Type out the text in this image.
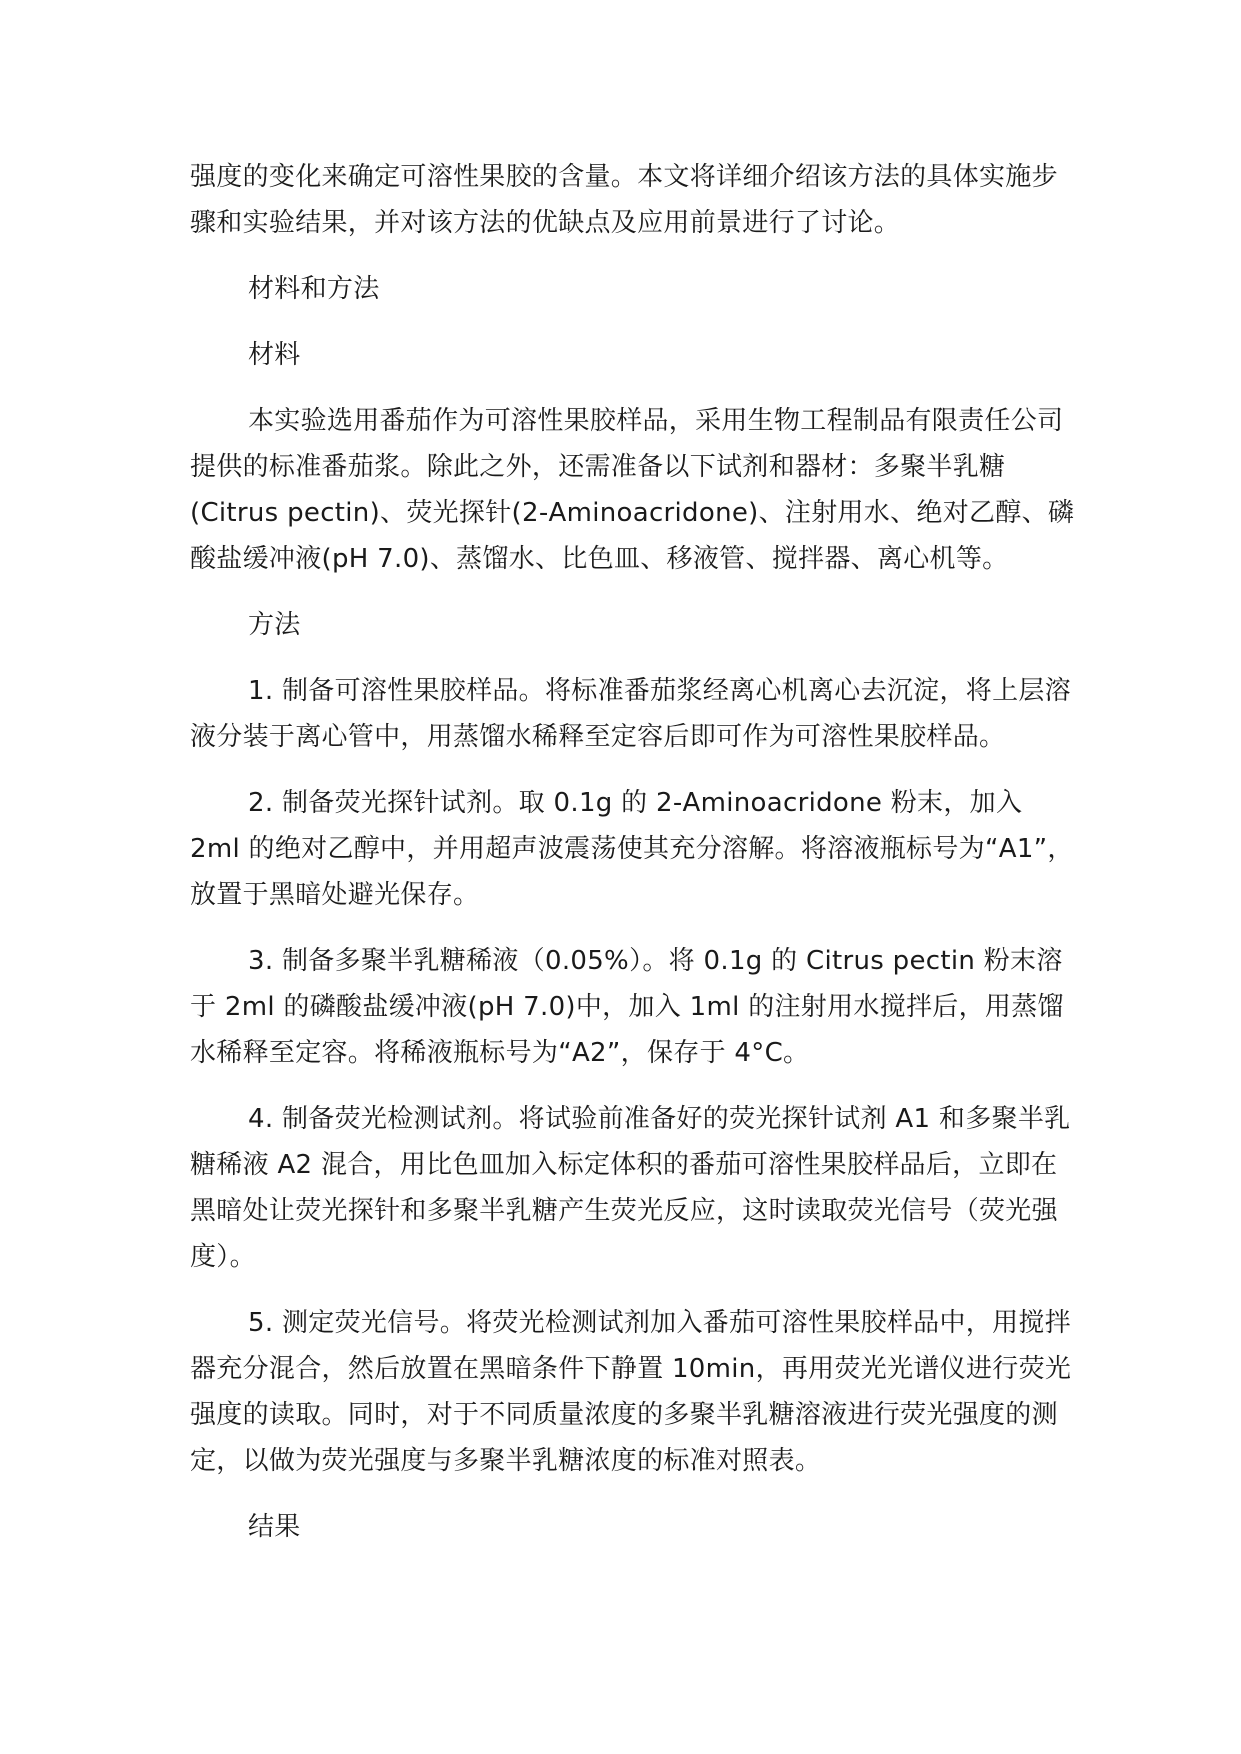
强度的变化来确定可溶性果胶的含量。本文将详细介绍该方法的具体实施步骤和实验结果，并对该方法的优缺点及应用前景进行了讨论。

材料和方法

材料

本实验选用番茄作为可溶性果胶样品，采用生物工程制品有限责任公司提供的标准番茄浆。除此之外，还需准备以下试剂和器材：多聚半乳糖(Citrus pectin)、荧光探针(2-Aminoacridone)、注射用水、绝对乙醇、磷酸盐缓冲液(pH 7.0)、蒸馏水、比色皿、移液管、搅拌器、离心机等。

方法

1. 制备可溶性果胶样品。将标准番茄浆经离心机离心去沉淀，将上层溶液分装于离心管中，用蒸馏水稀释至定容后即可作为可溶性果胶样品。

2. 制备荧光探针试剂。取 0.1g 的 2-Aminoacridone 粉末，加入 2ml 的绝对乙醇中，并用超声波震荡使其充分溶解。将溶液瓶标号为“A1”，放置于黑暗处避光保存。

3. 制备多聚半乳糖稀液（0.05%）。将 0.1g 的 Citrus pectin 粉末溶于 2ml 的磷酸盐缓冲液(pH 7.0)中，加入 1ml 的注射用水搅拌后，用蒸馏水稀释至定容。将稀液瓶标号为“A2”，保存于 4°C。

4. 制备荧光检测试剂。将试验前准备好的荧光探针试剂 A1 和多聚半乳糖稀液 A2 混合，用比色皿加入标定体积的番茄可溶性果胶样品后，立即在黑暗处让荧光探针和多聚半乳糖产生荧光反应，这时读取荧光信号（荧光强度）。

5. 测定荧光信号。将荧光检测试剂加入番茄可溶性果胶样品中，用搅拌器充分混合，然后放置在黑暗条件下静置 10min，再用荧光光谱仪进行荧光强度的读取。同时，对于不同质量浓度的多聚半乳糖溶液进行荧光强度的测定，以做为荧光强度与多聚半乳糖浓度的标准对照表。

结果
